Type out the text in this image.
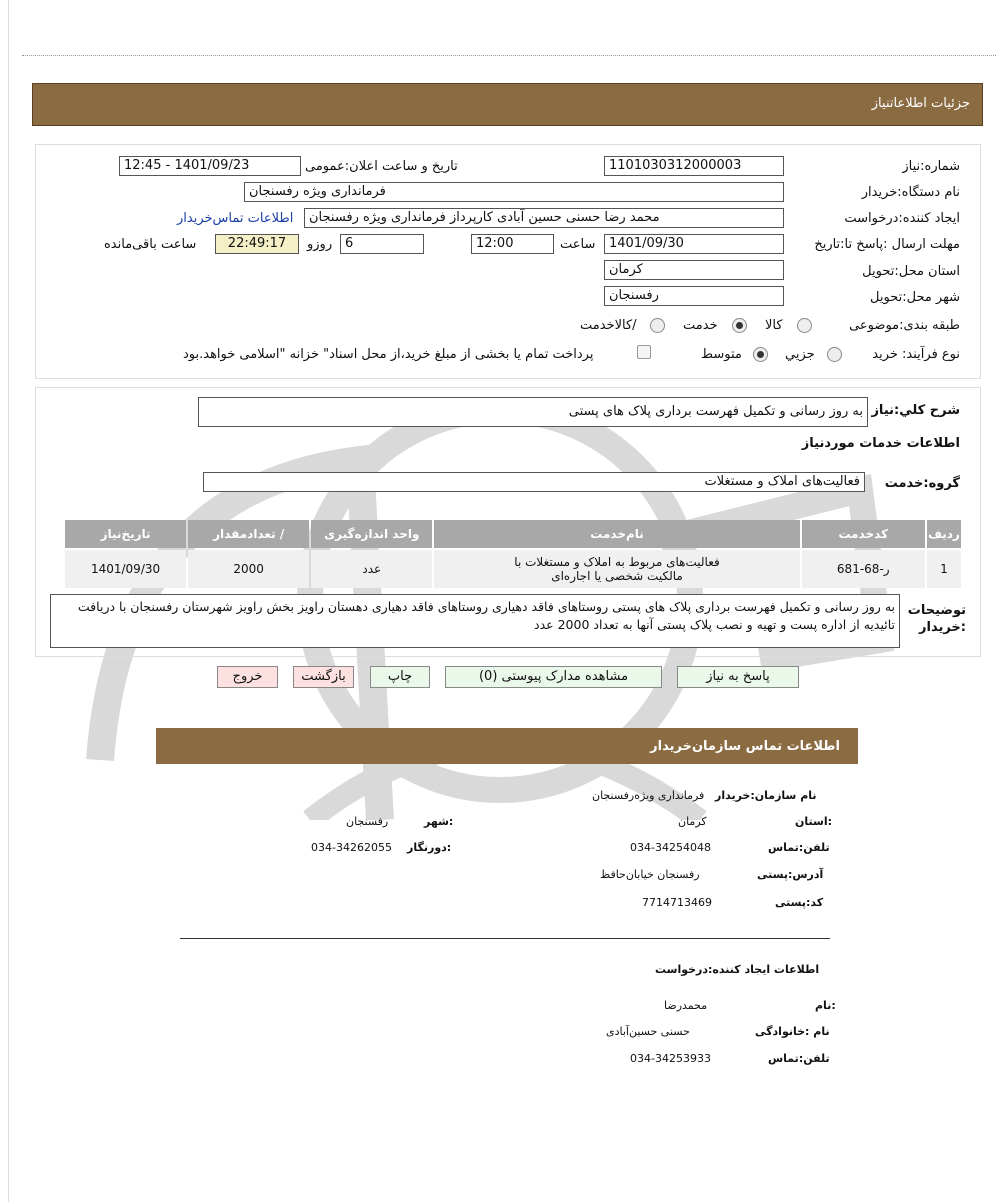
جزئیات اطلاعاتنیاز
شماره:نیاز
1101030312000003
تاریخ و ساعت اعلان:عمومی
1401/09/23 - 12:45
نام دستگاه:خریدار
فرمانداری ویژه رفسنجان
ایجاد کننده:درخواست
محمد رضا حسنی حسین آبادی کارپرداز فرمانداری ویژه رفسنجان
اطلاعات تماس‌خریدار
مهلت ارسال :پاسخ تا:تاریخ
1401/09/30
ساعت
12:00
6
روزو
22:49:17
ساعت باقی‌مانده
استان محل:تحویل
کرمان
شهر محل:تحویل
رفسنجان
طبقه بندی:موضوعی
کالا
خدمت
/کالاخدمت
نوع فرآیند: خرید
جزیي
متوسط
پرداخت تمام یا بخشی از مبلغ خرید،از محل اسناد" خزانه "اسلامی خواهد.بود
شرح کلي:نیاز
به روز رسانی و تکمیل فهرست برداری پلاک های پستی
اطلاعات خدمات موردنیاز
گروه:خدمت
فعالیت‌های املاک و مستغلات
ردیف	کدخدمت	نام‌خدمت	واحد اندازه‌گیری	/ تعدادمقدار	تاریخ‌نیاز
1	ر-68-681	فعالیت‌های مربوط به املاک و مستغلات با مالکیت شخصی یا اجاره‌ای	عدد	2000	1401/09/30
توضیحات :خریدار
به روز رسانی و تکمیل فهرست برداری پلاک های پستی روستاهای فاقد دهیاری روستاهای فاقد دهیاری دهستان راویز بخش راویز شهرستان رفسنجان با دریافت تائیدیه از اداره پست و تهیه و نصب پلاک پستی آنها به تعداد 2000 عدد
پاسخ به نیاز
مشاهده مدارک پیوستی (0)
چاپ
بازگشت
خروج
اطلاعات تماس سازمان‌خریدار
نام سازمان:خریدار
فرمانداری ویژه‌رفسنجان
:استان
کرمان
:شهر
رفسنجان
تلفن:تماس
034-34254048
:دورنگار
034-34262055
آدرس:پستی
رفسنجان خیابان‌حافظ
کد:پستی
7714713469
اطلاعات ایجاد کننده:درخواست
:نام
محمدرضا
نام :خانوادگی
حسنی حسین‌آبادی
تلفن:تماس
034-34253933
